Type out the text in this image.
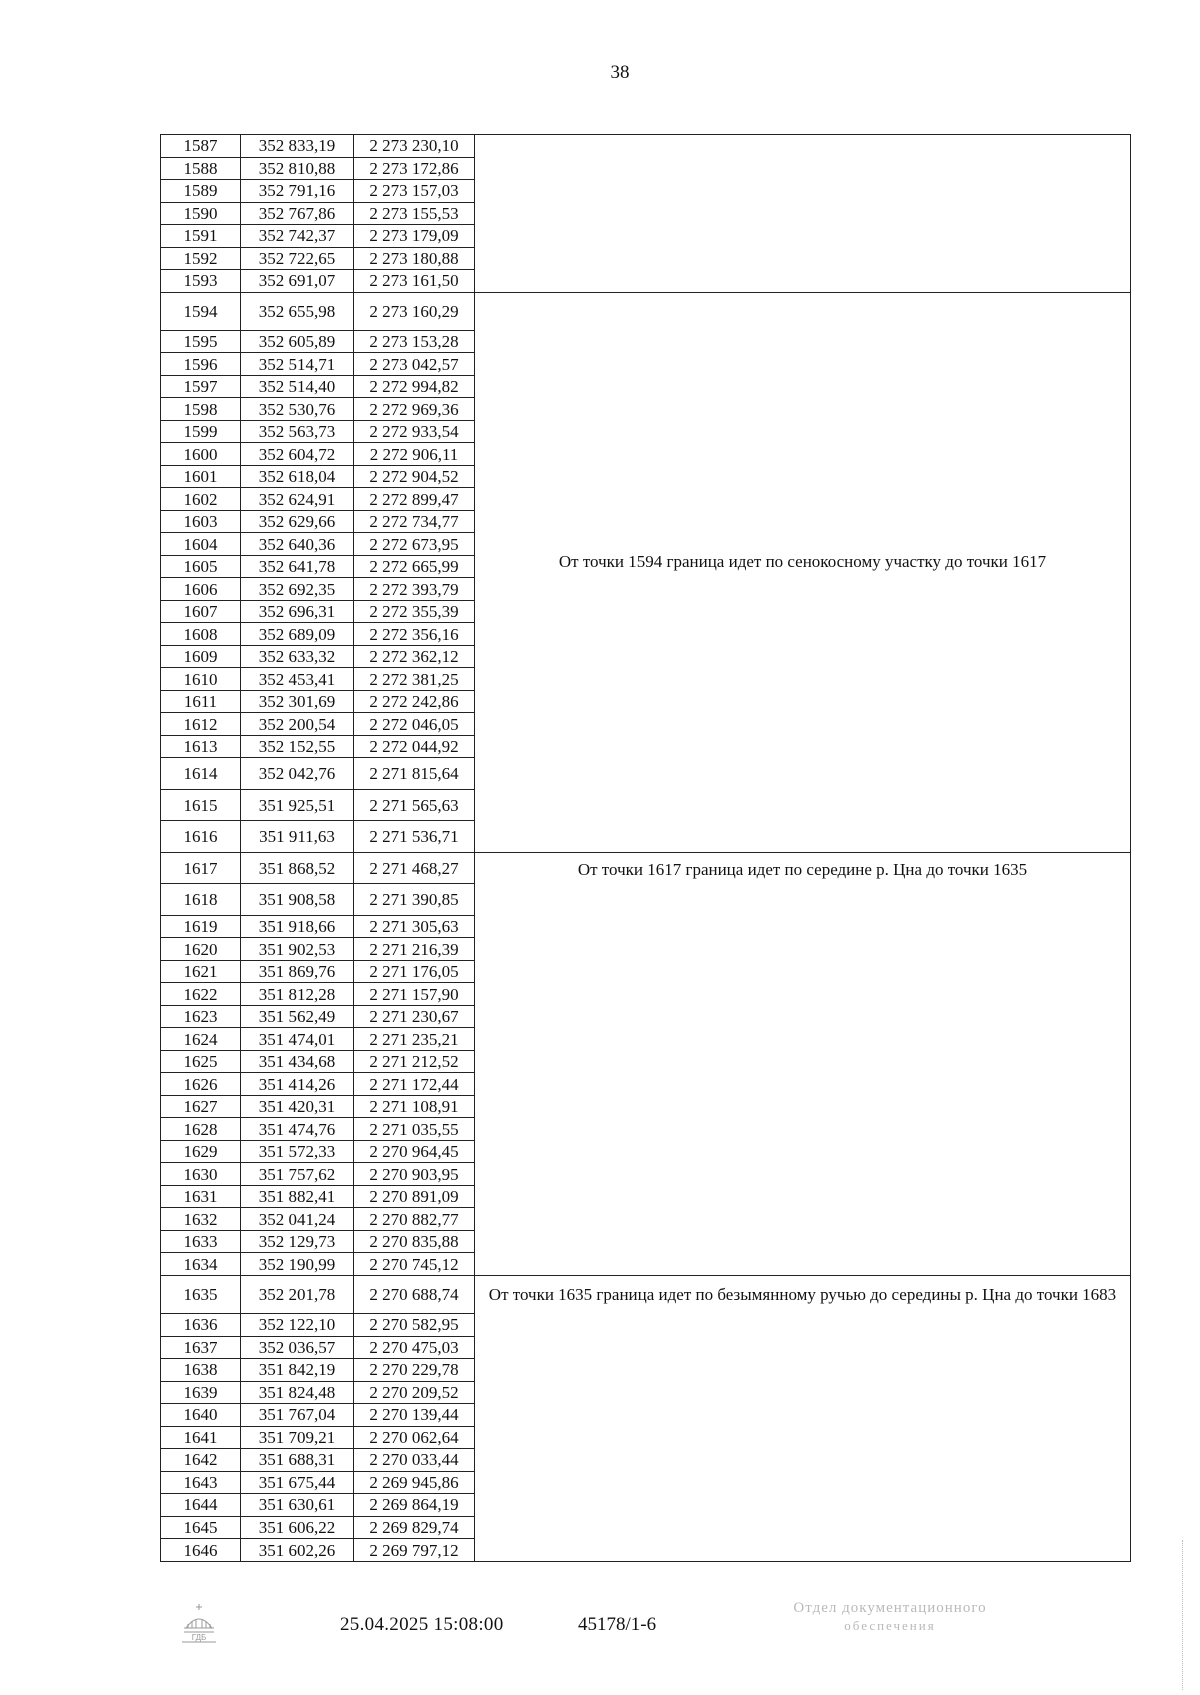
38
1587	352 833,19	2 273 230,10	
1588	352 810,88	2 273 172,86	
1589	352 791,16	2 273 157,03	
1590	352 767,86	2 273 155,53	
1591	352 742,37	2 273 179,09	
1592	352 722,65	2 273 180,88	
1593	352 691,07	2 273 161,50	
1594	352 655,98	2 273 160,29	От точки 1594 граница идет по сенокосному участку до точки 1617
1595	352 605,89	2 273 153,28	
1596	352 514,71	2 273 042,57	
1597	352 514,40	2 272 994,82	
1598	352 530,76	2 272 969,36	
1599	352 563,73	2 272 933,54	
1600	352 604,72	2 272 906,11	
1601	352 618,04	2 272 904,52	
1602	352 624,91	2 272 899,47	
1603	352 629,66	2 272 734,77	
1604	352 640,36	2 272 673,95	
1605	352 641,78	2 272 665,99	
1606	352 692,35	2 272 393,79	
1607	352 696,31	2 272 355,39	
1608	352 689,09	2 272 356,16	
1609	352 633,32	2 272 362,12	
1610	352 453,41	2 272 381,25	
1611	352 301,69	2 272 242,86	
1612	352 200,54	2 272 046,05	
1613	352 152,55	2 272 044,92	
1614	352 042,76	2 271 815,64	
1615	351 925,51	2 271 565,63	
1616	351 911,63	2 271 536,71	
1617	351 868,52	2 271 468,27	От точки 1617 граница идет по середине р. Цна до точки 1635
1618	351 908,58	2 271 390,85	
1619	351 918,66	2 271 305,63	
1620	351 902,53	2 271 216,39	
1621	351 869,76	2 271 176,05	
1622	351 812,28	2 271 157,90	
1623	351 562,49	2 271 230,67	
1624	351 474,01	2 271 235,21	
1625	351 434,68	2 271 212,52	
1626	351 414,26	2 271 172,44	
1627	351 420,31	2 271 108,91	
1628	351 474,76	2 271 035,55	
1629	351 572,33	2 270 964,45	
1630	351 757,62	2 270 903,95	
1631	351 882,41	2 270 891,09	
1632	352 041,24	2 270 882,77	
1633	352 129,73	2 270 835,88	
1634	352 190,99	2 270 745,12	
1635	352 201,78	2 270 688,74	От точки 1635 граница идет по безымянному ручью до середины р. Цна до точки 1683
1636	352 122,10	2 270 582,95	
1637	352 036,57	2 270 475,03	
1638	351 842,19	2 270 229,78	
1639	351 824,48	2 270 209,52	
1640	351 767,04	2 270 139,44	
1641	351 709,21	2 270 062,64	
1642	351 688,31	2 270 033,44	
1643	351 675,44	2 269 945,86	
1644	351 630,61	2 269 864,19	
1645	351 606,22	2 269 829,74	
1646	351 602,26	2 269 797,12	
ГДБ
25.04.2025 15:08:00	45178/1-6
Отдел документационного
обеспечения
